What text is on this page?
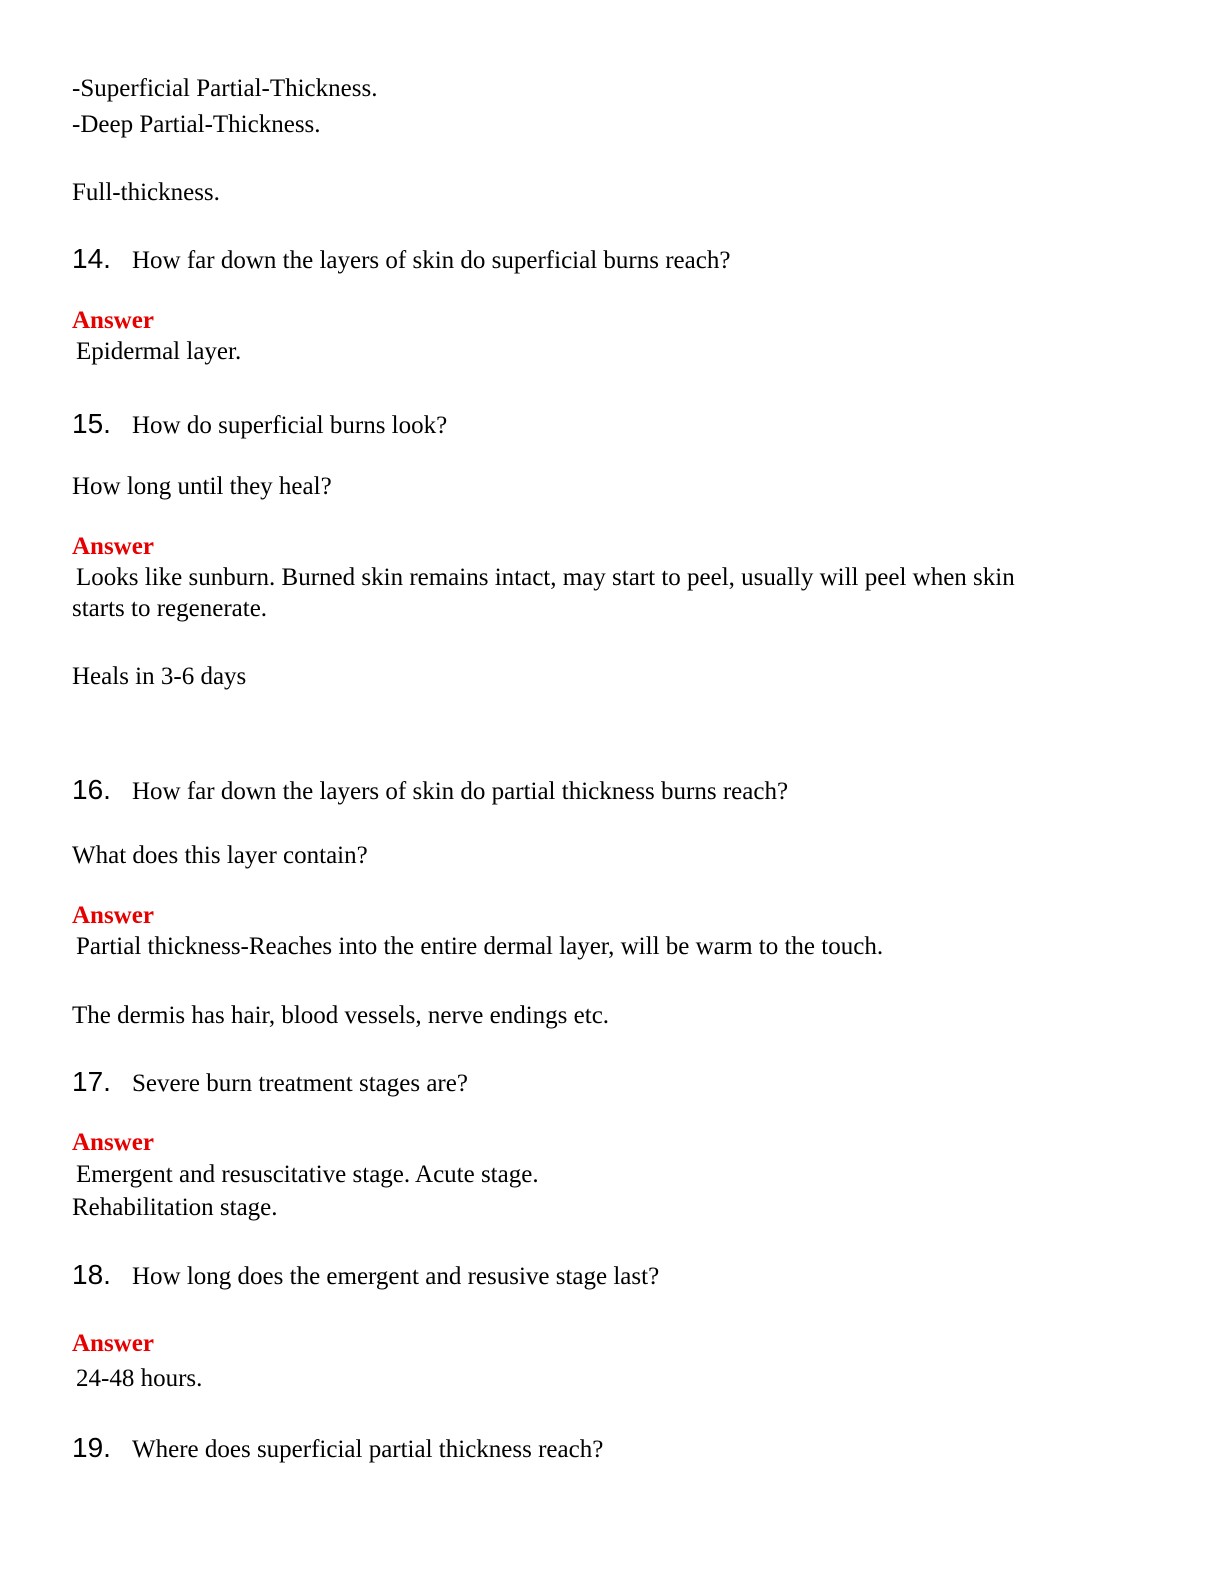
-Superficial Partial-Thickness.
-Deep Partial-Thickness.
Full-thickness.
14. How far down the layers of skin do superficial burns reach?
Answer
Epidermal layer.
15. How do superficial burns look?
How long until they heal?
Answer
Looks like sunburn. Burned skin remains intact, may start to peel, usually will peel when skin
starts to regenerate.
Heals in 3-6 days
16. How far down the layers of skin do partial thickness burns reach?
What does this layer contain?
Answer
Partial thickness-Reaches into the entire dermal layer, will be warm to the touch.
The dermis has hair, blood vessels, nerve endings etc.
17. Severe burn treatment stages are?
Answer
Emergent and resuscitative stage. Acute stage.
Rehabilitation stage.
18. How long does the emergent and resusive stage last?
Answer
24-48 hours.
19. Where does superficial partial thickness reach?
